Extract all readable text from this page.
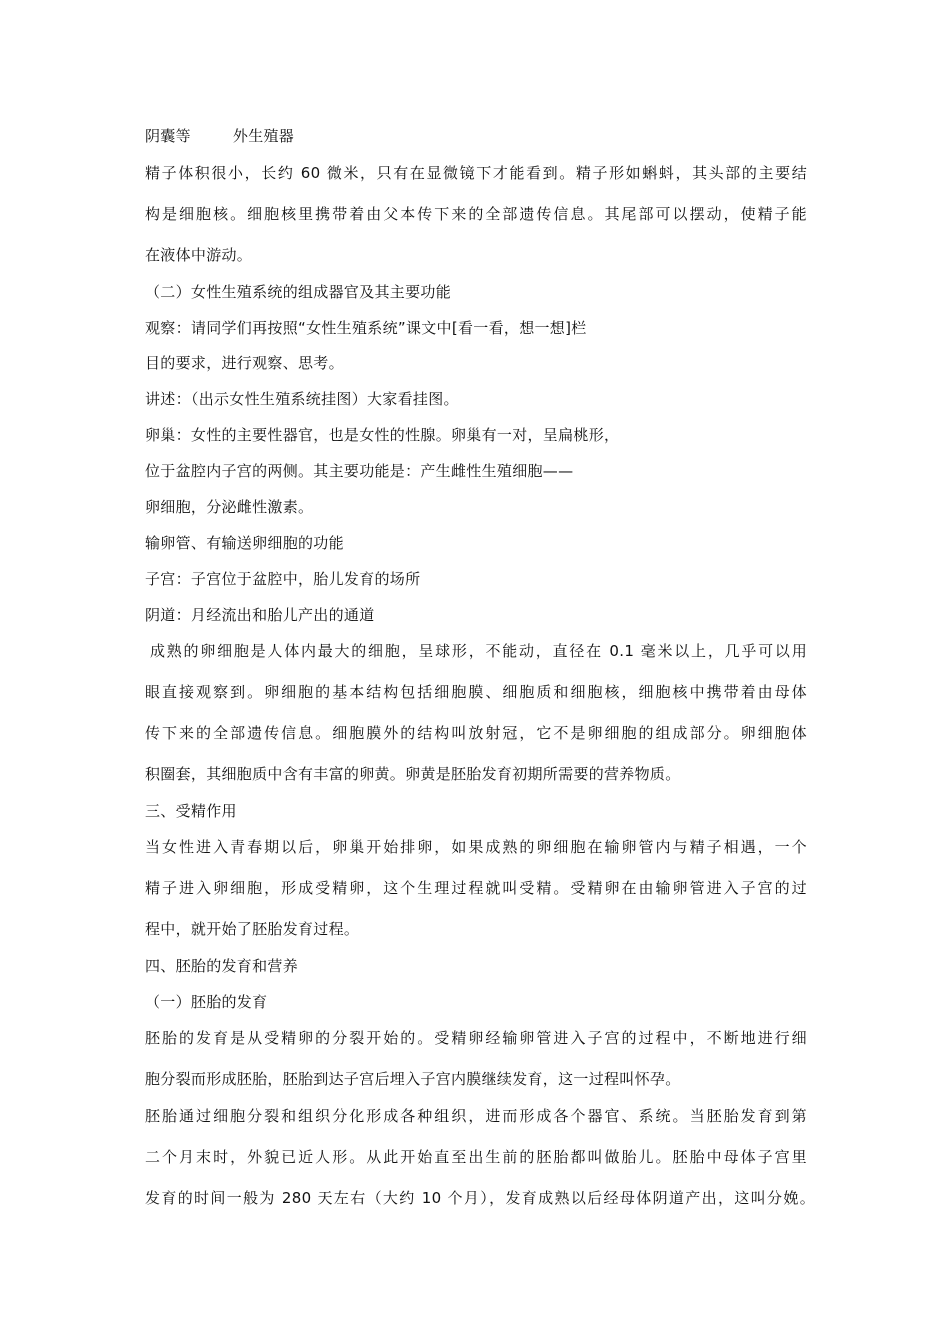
阴囊等	外生殖器
精子体积很小，长约 60 微米，只有在显微镜下才能看到。精子形如蝌蚪，其头部的主要结
构是细胞核。细胞核里携带着由父本传下来的全部遗传信息。其尾部可以摆动，使精子能
在液体中游动。
（二）女性生殖系统的组成器官及其主要功能
观察：请同学们再按照“女性生殖系统”课文中[看一看，想一想]栏
目的要求，进行观察、思考。
讲述：（出示女性生殖系统挂图）大家看挂图。
卵巢：女性的主要性器官，也是女性的性腺。卵巢有一对，呈扁桃形，
位于盆腔内子宫的两侧。其主要功能是：产生雌性生殖细胞——
卵细胞，分泌雌性激素。
输卵管、有输送卵细胞的功能
子宫：子宫位于盆腔中，胎儿发育的场所
阴道：月经流出和胎儿产出的通道
成熟的卵细胞是人体内最大的细胞，呈球形，不能动，直径在 0.1 毫米以上，几乎可以用
眼直接观察到。卵细胞的基本结构包括细胞膜、细胞质和细胞核，细胞核中携带着由母体
传下来的全部遗传信息。细胞膜外的结构叫放射冠，它不是卵细胞的组成部分。卵细胞体
积圈套，其细胞质中含有丰富的卵黄。卵黄是胚胎发育初期所需要的营养物质。
三、受精作用
当女性进入青春期以后，卵巢开始排卵，如果成熟的卵细胞在输卵管内与精子相遇，一个
精子进入卵细胞，形成受精卵，这个生理过程就叫受精。受精卵在由输卵管进入子宫的过
程中，就开始了胚胎发育过程。
四、胚胎的发育和营养
（一）胚胎的发育
胚胎的发育是从受精卵的分裂开始的。受精卵经输卵管进入子宫的过程中，不断地进行细
胞分裂而形成胚胎，胚胎到达子宫后埋入子宫内膜继续发育，这一过程叫怀孕。
胚胎通过细胞分裂和组织分化形成各种组织，进而形成各个器官、系统。当胚胎发育到第
二个月末时，外貌已近人形。从此开始直至出生前的胚胎都叫做胎儿。胚胎中母体子宫里
发育的时间一般为 280 天左右（大约 10 个月），发育成熟以后经母体阴道产出，这叫分娩。
